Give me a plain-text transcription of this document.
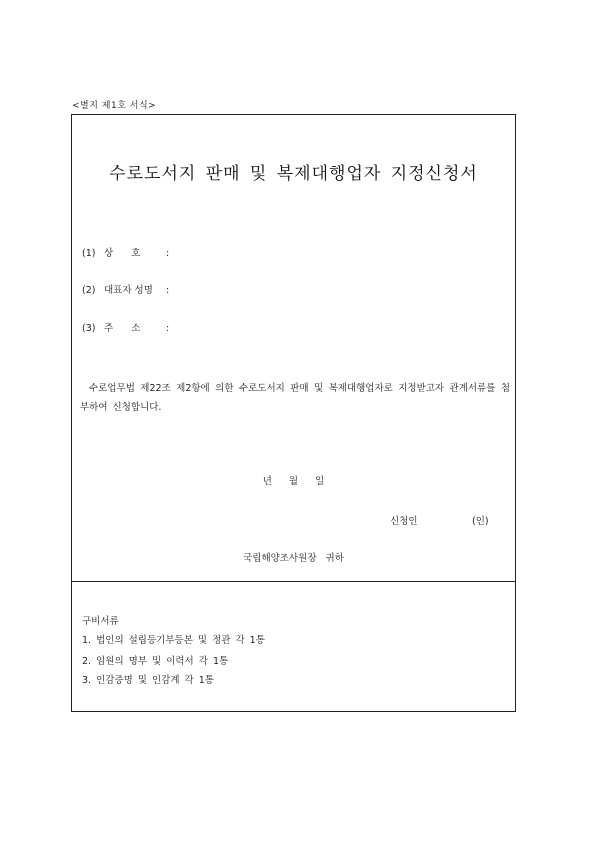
<별지 제1호 서식>
수로도서지 판매 및 복제대행업자 지정신청서
(1) 상      호	:
(2) 대표자 성명 :
(3) 주      소	:
수로업무법 제22조 제2항에 의한 수로도서지 판매 및 복제대행업자로 지정받고자 관계서류를 첨부하여 신청합니다.
년 월 일
신청인	(인)
국립해양조사원장 귀하
구비서류
1. 법인의 설립등기부등본 및 정관 각 1통
2. 임원의 명부 및 이력서 각 1통
3. 인감증명 및 인감계 각 1통
